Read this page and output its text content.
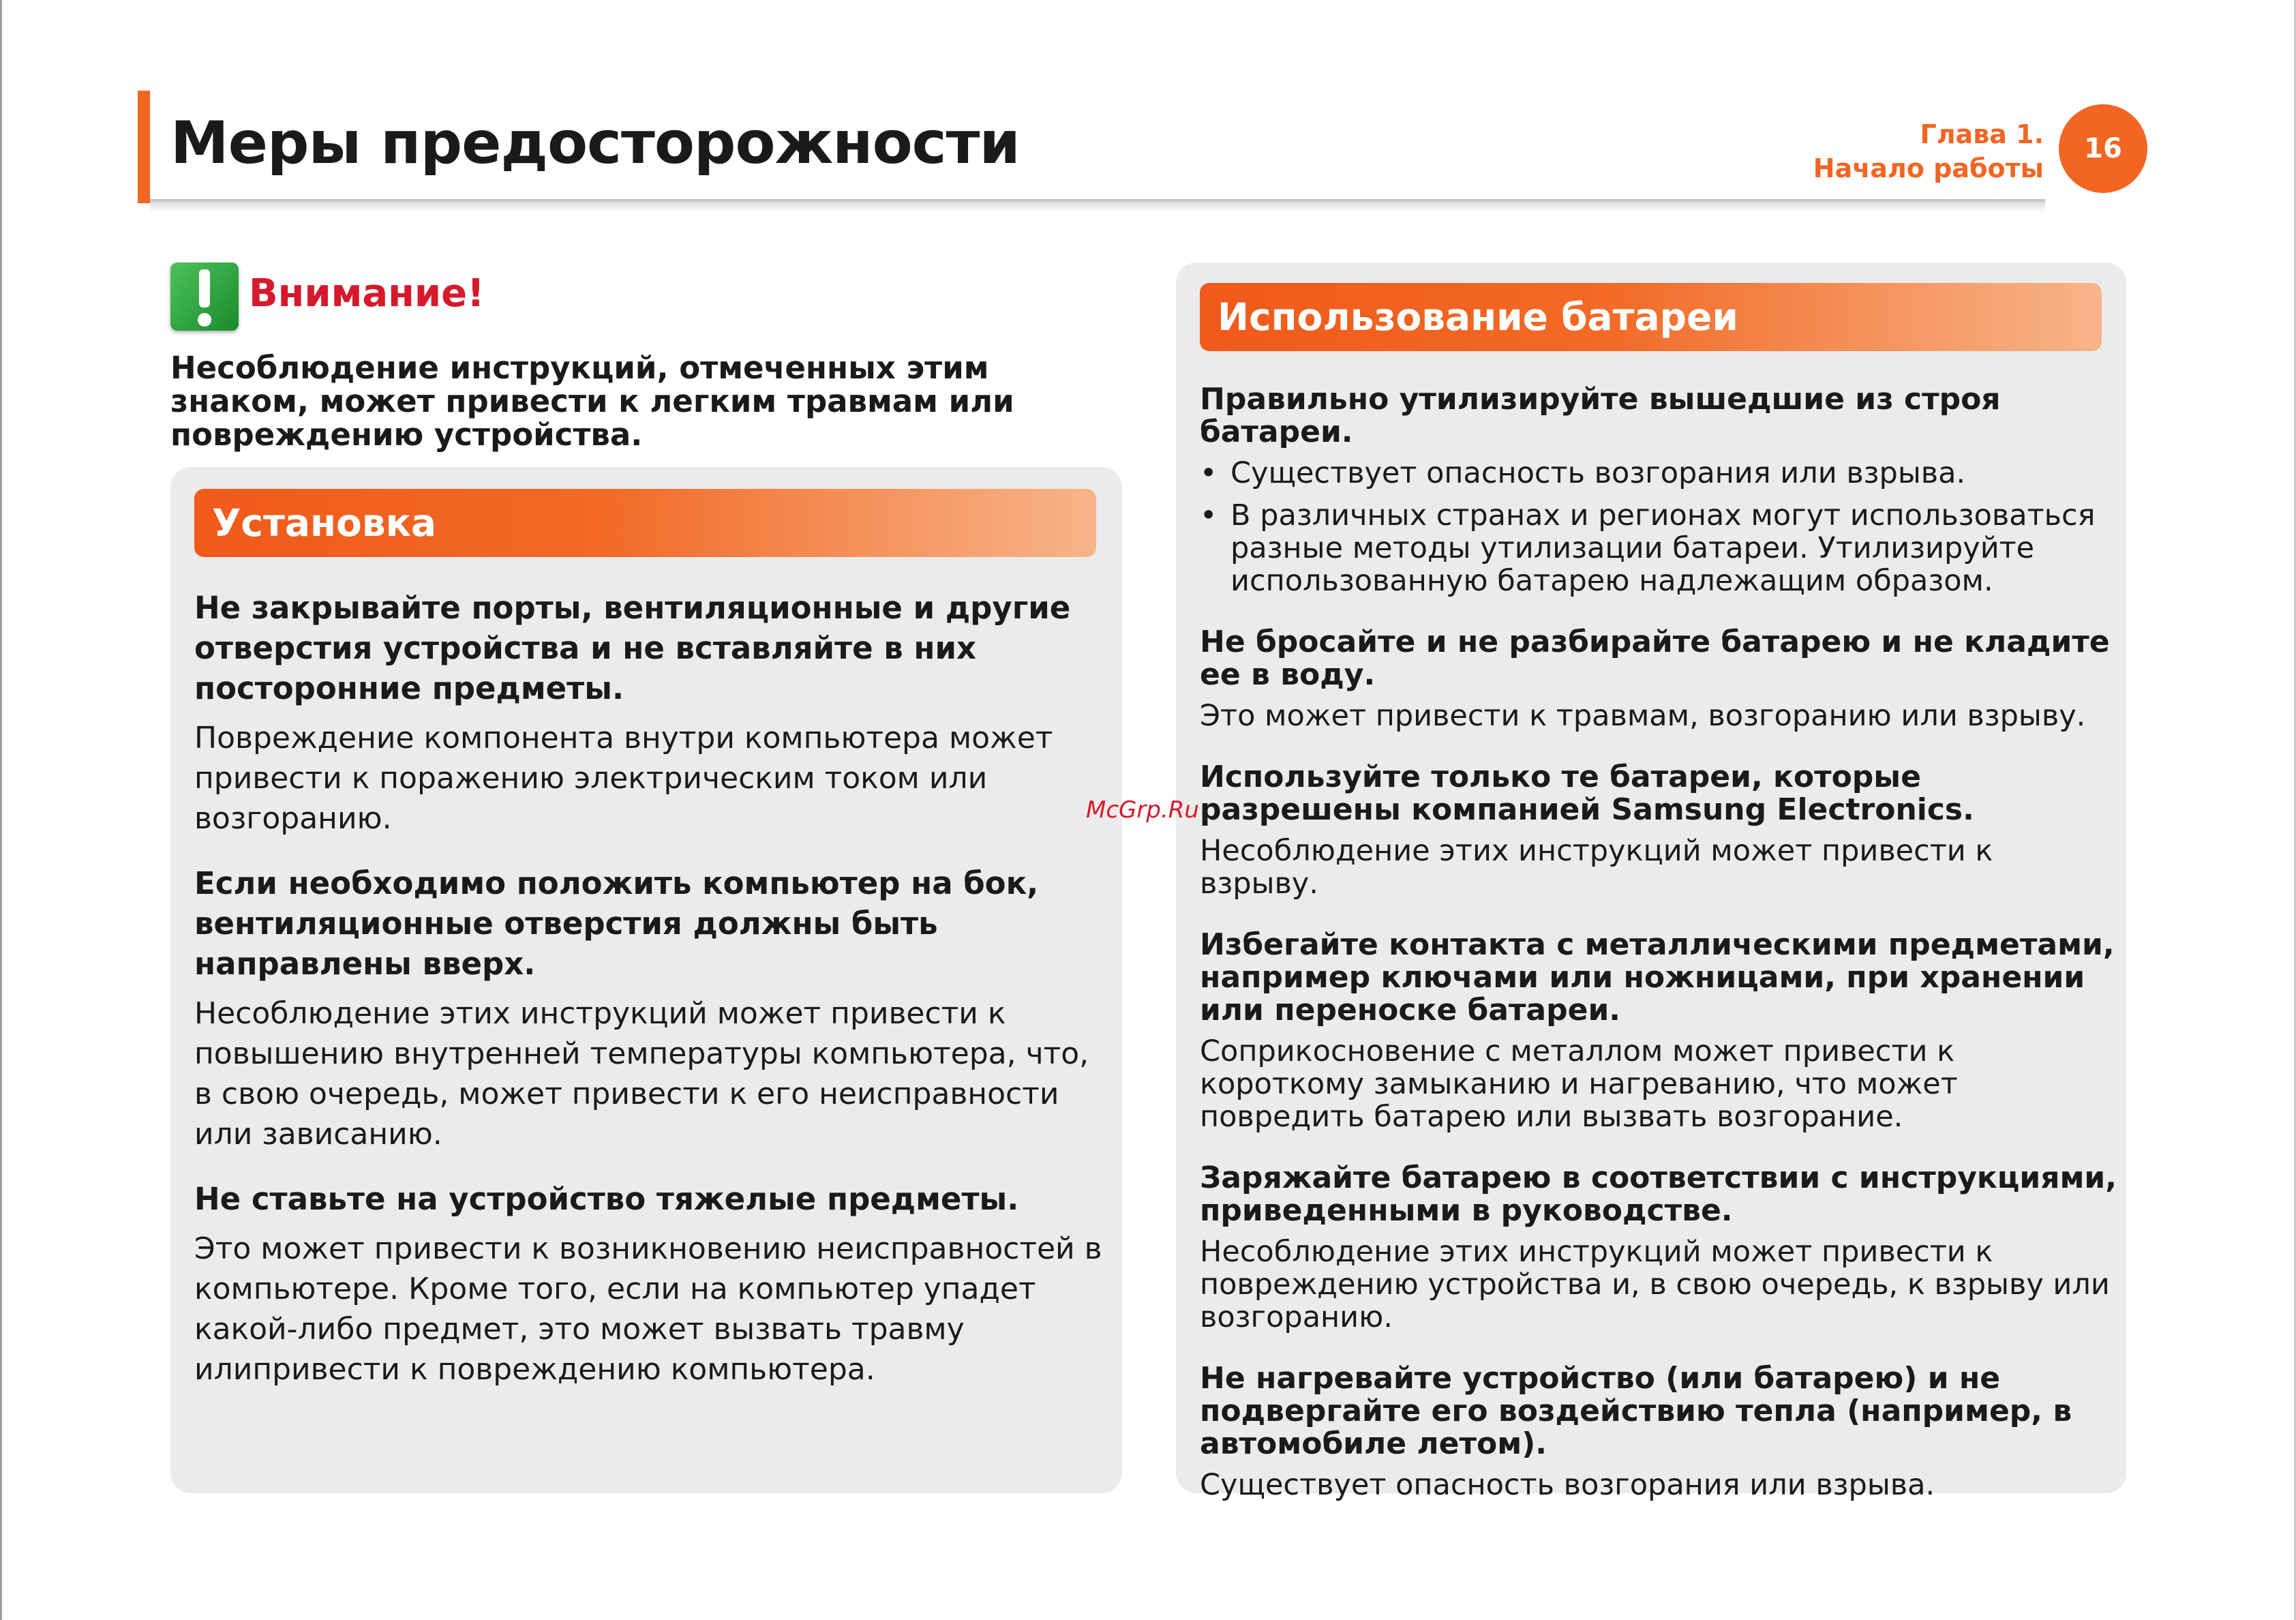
Меры предосторожности	Глава 1.
Начало работы
16
Внимание!
Несоблюдение инструкций, отмеченных этим знаком, может привести к легким травмам или повреждению устройства.
Установка
Не закрывайте порты, вентиляционные и другие отверстия устройства и не вставляйте в них посторонние предметы.
Повреждение компонента внутри компьютера может привести к поражению электрическим током или возгоранию.
Если необходимо положить компьютер на бок, вентиляционные отверстия должны быть направлены вверх.
Несоблюдение этих инструкций может привести к повышению внутренней температуры компьютера, что, в свою очередь, может привести к его неисправности или зависанию.
Не ставьте на устройство тяжелые предметы.
Это может привести к возникновению неисправностей в компьютере. Кроме того, если на компьютер упадет какой-либо предмет, это может вызвать травму илипривести к повреждению компьютера.
Использование батареи
Правильно утилизируйте вышедшие из строя батареи.
• Существует опасность возгорания или взрыва.
• В различных странах и регионах могут использоваться разные методы утилизации батареи. Утилизируйте использованную батарею надлежащим образом.
Не бросайте и не разбирайте батарею и не кладите ее в воду.
Это может привести к травмам, возгоранию или взрыву.
Используйте только те батареи, которые разрешены компанией Samsung Electronics.
Несоблюдение этих инструкций может привести к взрыву.
Избегайте контакта с металлическими предметами, например ключами или ножницами, при хранении или переноске батареи.
Соприкосновение с металлом может привести к короткому замыканию и нагреванию, что может повредить батарею или вызвать возгорание.
Заряжайте батарею в соответствии с инструкциями, приведенными в руководстве.
Несоблюдение этих инструкций может привести к повреждению устройства и, в свою очередь, к взрыву или возгоранию.
Не нагревайте устройство (или батарею) и не подвергайте его воздействию тепла (например, в автомобиле летом).
Существует опасность возгорания или взрыва.
McGrp.Ru
